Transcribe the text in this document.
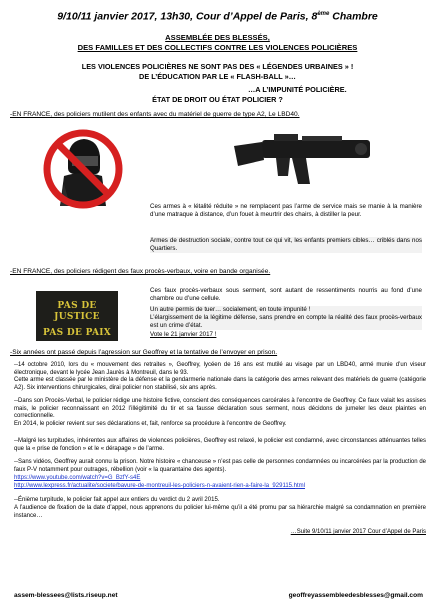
9/10/11 janvier 2017, 13h30, Cour d’Appel de Paris, 8ème Chambre
ASSEMBLÉE DES BLESSÉS,
DES FAMILLES ET DES COLLECTIFS CONTRE LES VIOLENCES POLICIÈRES
LES VIOLENCES POLICIÈRES NE SONT PAS DES « LÉGENDES URBAINES » !
DE L’ÉDUCATION PAR LE « FLASH-BALL »…
…A L’IMPUNITÉ POLICIÈRE.
ÉTAT DE DROIT OU ÉTAT POLICIER ?
-EN FRANCE, des policiers mutilent des enfants avec du matériel de guerre de type A2, Le LBD40.
Ces armes à « létalité réduite » ne remplacent pas l’arme de service mais se manie à la manière d’une matraque à distance, d’un fouet à meurtrir des chairs, à distiller la peur.
Armes de destruction sociale, contre tout ce qui vit, les enfants premiers cibles… criblés dans nos Quartiers.
-EN FRANCE, des policiers rédigent des faux procès-verbaux, voire en bande organisée.
PAS DE JUSTICE
PAS DE PAIX
Ces faux procès-verbaux sous serment, sont autant de ressentiments nourris au fond d’une chambre ou d’une cellule.
Un autre permis de tuer… socialement, en toute impunité !
L’élargissement de la légitime défense, sans prendre en compte la réalité des faux procès-verbaux est un crime d’état.
Vote le 21 janvier 2017 !
-Six années ont passé depuis l’agression sur Geoffrey et la tentative de l’envoyer en prison.
--14 octobre 2010, lors du « mouvement des retraites », Geoffrey, lycéen de 16 ans est mutilé au visage par un LBD40, armé munie d’un viseur électronique, devant le lycée Jean Jaurès à Montreuil, dans le 93.
Cette arme est classée par le ministère de la défense et la gendarmerie nationale dans la catégorie des armes relevant des matériels de guerre (catégorie A2). Six interventions chirurgicales, dirai policier non stabilisé, six ans après.
--Dans son Procès-Verbal, le policier rédige une histoire fictive, conscient des conséquences carcérales à l’encontre de Geoffrey. Ce faux valait les assises mais, le policier reconnaissant en 2012 l’illégitimité du tir et sa fausse déclaration sous serment, nous décidons de jumeler les deux plaintes en correctionnelle.
En 2014, le policier revient sur ses déclarations et, fait, renforce sa procédure à l’encontre de Geoffrey.
--Malgré les turpitudes, inhérentes aux affaires de violences policières, Geoffrey est relaxé, le policier est condamné, avec circonstances atténuantes telles que la « prise de fonction » et le « dérapage » de l’arme.
--Sans vidéos, Geoffrey aurait connu la prison. Notre histoire « chanceuse » n’est pas celle de personnes condamnées ou incarcérées par la production de faux P-V notamment pour outrages, rébellion (voir « la quarantaine des agents).
https://www.youtube.com/watch?v=G_BzfY-s4E
http://www.lexpress.fr/actualite/societe/bavure-de-montreuil-les-policiers-n-avaient-rien-a-faire-la_929115.html
--Énième turpitude, le policier fait appel aux entiers du verdict du 2 avril 2015.
A l’audience de fixation de la date d’appel, nous apprenons du policier lui-même qu’il a été promu par sa hiérarchie malgré sa condamnation en première instance…
…Suite 9/10/11 janvier 2017 Cour d’Appel de Paris
assem-blessees@lists.riseup.net	geoffreyassembleedesblesses@gmail.com
